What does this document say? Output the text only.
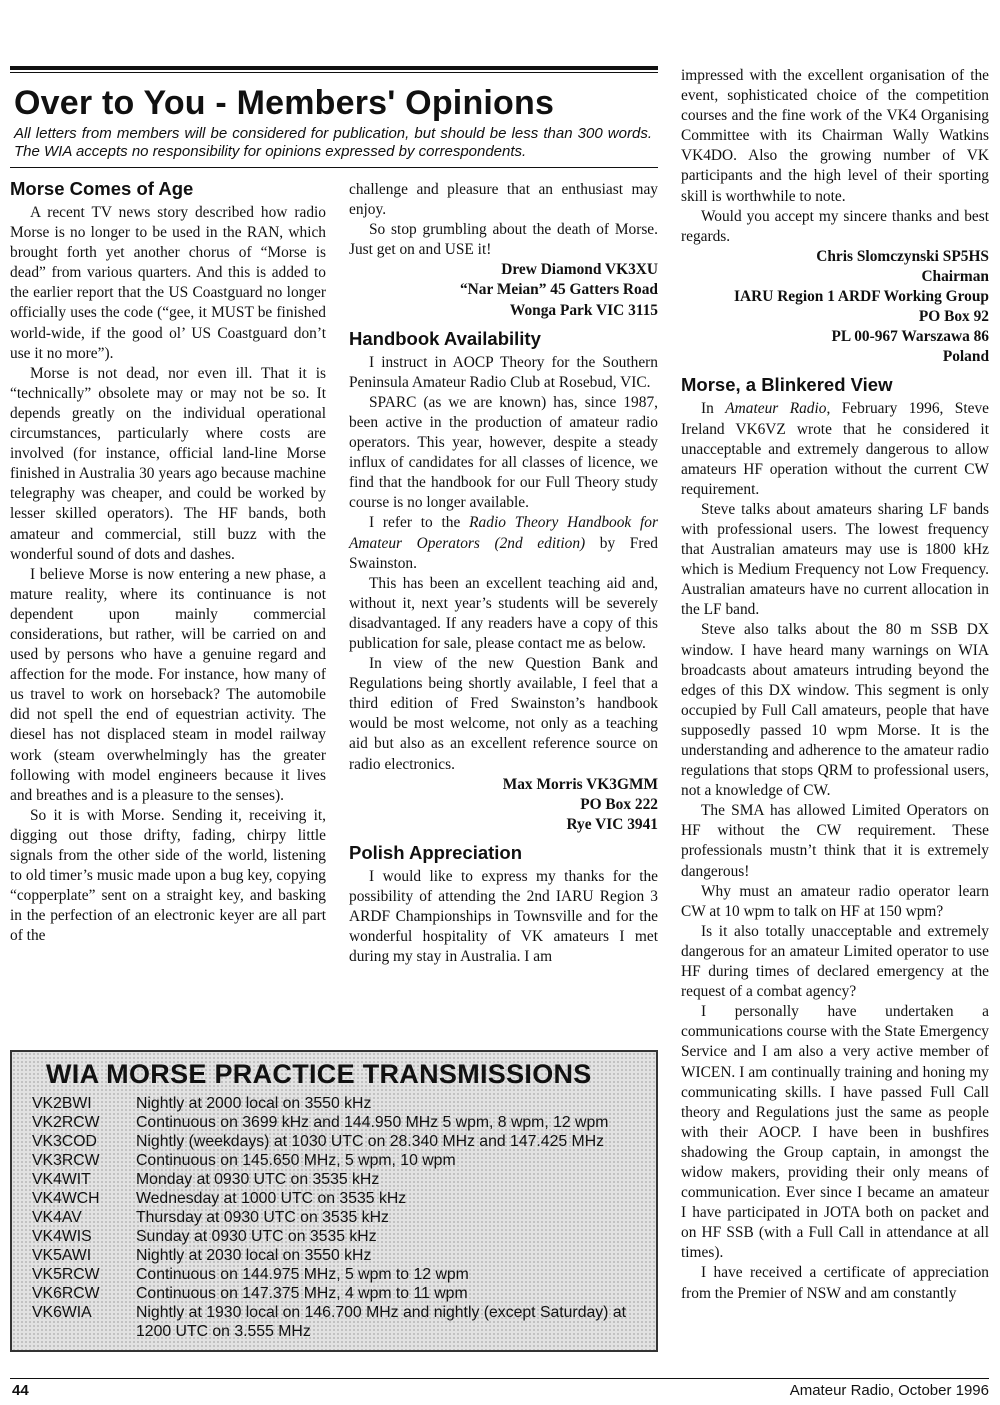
Over to You - Members' Opinions
All letters from members will be considered for publication, but should be less than 300 words. The WIA accepts no responsibility for opinions expressed by correspondents.
Morse Comes of Age

A recent TV news story described how radio Morse is no longer to be used in the RAN, which brought forth yet another chorus of “Morse is dead” from various quarters. And this is added to the earlier report that the US Coastguard no longer officially uses the code (“gee, it MUST be finished world-wide, if the good ol’ US Coastguard don’t use it no more”).

Morse is not dead, nor even ill. That it is “technically” obsolete may or may not be so. It depends greatly on the individual operational circumstances, particularly where costs are involved (for instance, official land-line Morse finished in Australia 30 years ago because machine telegraphy was cheaper, and could be worked by lesser skilled operators). The HF bands, both amateur and commercial, still buzz with the wonderful sound of dots and dashes.

I believe Morse is now entering a new phase, a mature reality, where its continuance is not dependent upon mainly commercial considerations, but rather, will be carried on and used by persons who have a genuine regard and affection for the mode. For instance, how many of us travel to work on horseback? The automobile did not spell the end of equestrian activity. The diesel has not displaced steam in model railway work (steam overwhelmingly has the greater following with model engineers because it lives and breathes and is a pleasure to the senses).

So it is with Morse. Sending it, receiving it, digging out those drifty, fading, chirpy little signals from the other side of the world, listening to old timer’s music made upon a bug key, copying “copperplate” sent on a straight key, and basking in the perfection of an electronic keyer are all part of the

challenge and pleasure that an enthusiast may enjoy.

So stop grumbling about the death of Morse. Just get on and USE it!

Drew Diamond VK3XU
“Nar Meian” 45 Gatters Road
Wonga Park VIC 3115
Handbook Availability

I instruct in AOCP Theory for the Southern Peninsula Amateur Radio Club at Rosebud, VIC.

SPARC (as we are known) has, since 1987, been active in the production of amateur radio operators. This year, however, despite a steady influx of candidates for all classes of licence, we find that the handbook for our Full Theory study course is no longer available.

I refer to the Radio Theory Handbook for Amateur Operators (2nd edition) by Fred Swainston.

This has been an excellent teaching aid and, without it, next year’s students will be severely disadvantaged. If any readers have a copy of this publication for sale, please contact me as below.

In view of the new Question Bank and Regulations being shortly available, I feel that a third edition of Fred Swainston’s handbook would be most welcome, not only as a teaching aid but also as an excellent reference source on radio electronics.

Max Morris VK3GMM
PO Box 222
Rye VIC 3941
Polish Appreciation

I would like to express my thanks for the possibility of attending the 2nd IARU Region 3 ARDF Championships in Townsville and for the wonderful hospitality of VK amateurs I met during my stay in Australia. I am

impressed with the excellent organisation of the event, sophisticated choice of the competition courses and the fine work of the VK4 Organising Committee with its Chairman Wally Watkins VK4DO. Also the growing number of VK participants and the high level of their sporting skill is worthwhile to note.

Would you accept my sincere thanks and best regards.

Chris Slomczynski SP5HS
Chairman
IARU Region 1 ARDF Working Group
PO Box 92
PL 00-967 Warszawa 86
Poland
Morse, a Blinkered View

In Amateur Radio, February 1996, Steve Ireland VK6VZ wrote that he considered it unacceptable and extremely dangerous to allow amateurs HF operation without the current CW requirement.

Steve talks about amateurs sharing LF bands with professional users. The lowest frequency that Australian amateurs may use is 1800 kHz which is Medium Frequency not Low Frequency. Australian amateurs have no current allocation in the LF band.

Steve also talks about the 80 m SSB DX window. I have heard many warnings on WIA broadcasts about amateurs intruding beyond the edges of this DX window. This segment is only occupied by Full Call amateurs, people that have supposedly passed 10 wpm Morse. It is the understanding and adherence to the amateur radio regulations that stops QRM to professional users, not a knowledge of CW.

The SMA has allowed Limited Operators on HF without the CW requirement. These professionals mustn’t think that it is extremely dangerous!

Why must an amateur radio operator learn CW at 10 wpm to talk on HF at 150 wpm?

Is it also totally unacceptable and extremely dangerous for an amateur Limited operator to use HF during times of declared emergency at the request of a combat agency?

I personally have undertaken a communications course with the State Emergency Service and I am also a very active member of WICEN. I am continually training and honing my communicating skills. I have passed Full Call theory and Regulations just the same as people with their AOCP. I have been in bushfires shadowing the Group captain, in amongst the widow makers, providing their only means of communication. Ever since I became an amateur I have participated in JOTA both on packet and on HF SSB (with a Full Call in attendance at all times).

I have received a certificate of appreciation from the Premier of NSW and am constantly

WIA MORSE PRACTICE TRANSMISSIONS
VK2BWI	Nightly at 2000 local on 3550 kHz
VK2RCW	Continuous on 3699 kHz and 144.950 MHz 5 wpm, 8 wpm, 12 wpm
VK3COD	Nightly (weekdays) at 1030 UTC on 28.340 MHz and 147.425 MHz
VK3RCW	Continuous on 145.650 MHz, 5 wpm, 10 wpm
VK4WIT	Monday at 0930 UTC on 3535 kHz
VK4WCH	Wednesday at 1000 UTC on 3535 kHz
VK4AV	Thursday at 0930 UTC on 3535 kHz
VK4WIS	Sunday at 0930 UTC on 3535 kHz
VK5AWI	Nightly at 2030 local on 3550 kHz
VK5RCW	Continuous on 144.975 MHz, 5 wpm to 12 wpm
VK6RCW	Continuous on 147.375 MHz, 4 wpm to 11 wpm
VK6WIA	Nightly at 1930 local on 146.700 MHz and nightly (except Saturday) at 1200 UTC on 3.555 MHz
44	Amateur Radio, October 1996
